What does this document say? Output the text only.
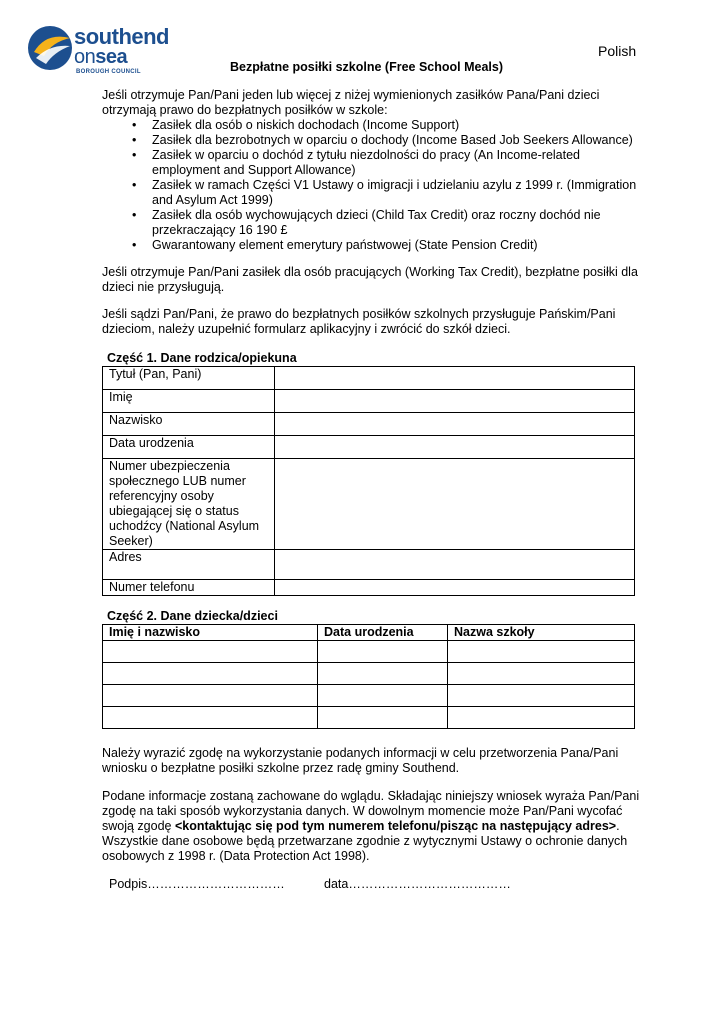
southend
onsea
BOROUGH COUNCIL
Polish
Bezpłatne posiłki szkolne (Free School Meals)

Jeśli otrzymuje Pan/Pani jeden lub więcej z niżej wymienionych zasiłków Pana/Pani dzieci otrzymają prawo do bezpłatnych posiłków w szkole:

• Zasiłek dla osób o niskich dochodach (Income Support)
• Zasiłek dla bezrobotnych w oparciu o dochody (Income Based Job Seekers Allowance)
• Zasiłek w oparciu o dochód z tytułu niezdolności do pracy (An Income-related employment and Support Allowance)
• Zasiłek w ramach Części V1 Ustawy o imigracji i udzielaniu azylu z 1999 r. (Immigration and Asylum Act 1999)
• Zasiłek dla osób wychowujących dzieci (Child Tax Credit) oraz roczny dochód nie przekraczający 16 190 £
• Gwarantowany element emerytury państwowej (State Pension Credit)

Jeśli otrzymuje Pan/Pani zasiłek dla osób pracujących (Working Tax Credit), bezpłatne posiłki dla dzieci nie przysługują.

Jeśli sądzi Pan/Pani, że prawo do bezpłatnych posiłków szkolnych przysługuje Pańskim/Pani dzieciom, należy uzupełnić formularz aplikacyjny i zwrócić do szkół dzieci.

Część 1. Dane rodzica/opiekuna
Tytuł (Pan, Pani)	
Imię	
Nazwisko	
Data urodzenia	
Numer ubezpieczenia społecznego LUB numer referencyjny osoby ubiegającej się o status uchodźcy (National Asylum Seeker)	
Adres	
Numer telefonu	
Część 2. Dane dziecka/dzieci
Imię i nazwisko	Data urodzenia	Nazwa szkoły

Należy wyrazić zgodę na wykorzystanie podanych informacji w celu przetworzenia Pana/Pani wniosku o bezpłatne posiłki szkolne przez radę gminy Southend.

Podane informacje zostaną zachowane do wglądu. Składając niniejszy wniosek wyraża Pan/Pani zgodę na taki sposób wykorzystania danych. W dowolnym momencie może Pan/Pani wycofać swoją zgodę <kontaktując się pod tym numerem telefonu/pisząc na następujący adres>. Wszystkie dane osobowe będą przetwarzane zgodnie z wytycznymi Ustawy o ochronie danych osobowych z 1998 r. (Data Protection Act 1998).

Podpis……………………………	data…………………………………
